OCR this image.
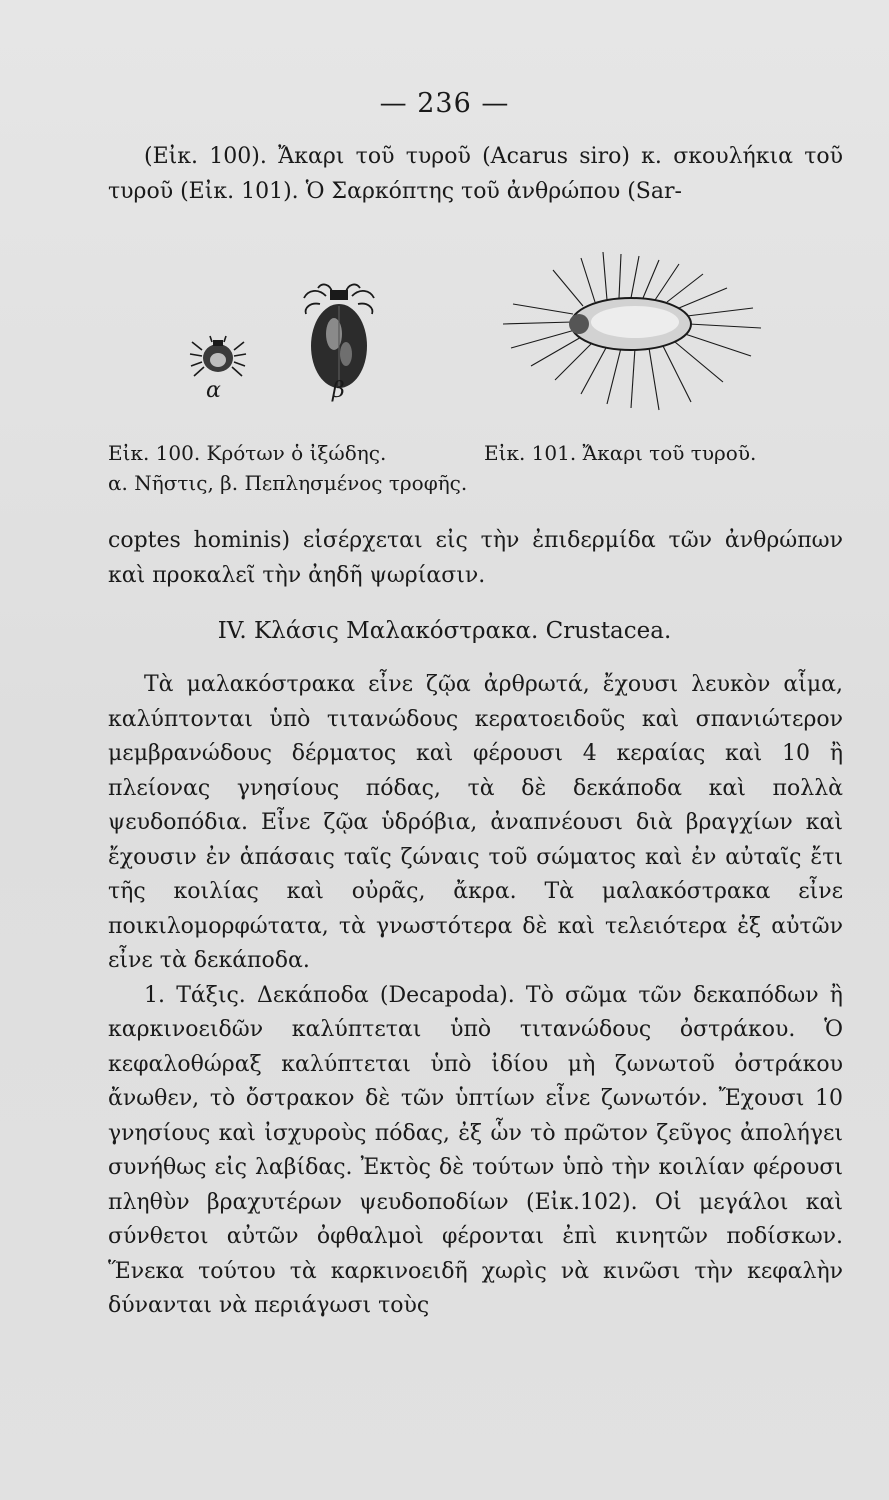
— 236 —

(Εἰκ. 100). Ἄκαρι τοῦ τυροῦ (Acarus siro) κ. σκουλήκια τοῦ τυροῦ (Εἰκ. 101). Ὁ Σαρκόπτης τοῦ ἀνθρώπου (Sar-

α	β
Εἰκ. 100. Κρότων ὁ ἰξώδης.	Εἰκ. 101. Ἄκαρι τοῦ τυροῦ.
α. Νῆστις, β. Πεπλησμένος τροφῆς.

coptes hominis) εἰσέρχεται εἰς τὴν ἐπιδερμίδα τῶν ἀνθρώπων καὶ προκαλεῖ τὴν ἀηδῆ ψωρίασιν.

IV. Κλάσις Μαλακόστρακα. Crustacea.

Τὰ μαλακόστρακα εἶνε ζῷα ἀρθρωτά, ἔχουσι λευκὸν αἷμα, καλύπτονται ὑπὸ τιτανώδους κερατοειδοῦς καὶ σπανιώτερον μεμβρανώδους δέρματος καὶ φέρουσι 4 κεραίας καὶ 10 ἢ πλείονας γνησίους πόδας, τὰ δὲ δεκάποδα καὶ πολλὰ ψευδοπόδια. Εἶνε ζῷα ὑδρόβια, ἀναπνέουσι διὰ βραγχίων καὶ ἔχουσιν ἐν ἁπάσαις ταῖς ζώναις τοῦ σώματος καὶ ἐν αὐταῖς ἔτι τῆς κοιλίας καὶ οὐρᾶς, ἄκρα. Τὰ μαλακόστρακα εἶνε ποικιλομορφώτατα, τὰ γνωστότερα δὲ καὶ τελειότερα ἐξ αὐτῶν εἶνε τὰ δεκάποδα.

1. Τάξις. Δεκάποδα (Decapoda). Τὸ σῶμα τῶν δεκαπόδων ἢ καρκινοειδῶν καλύπτεται ὑπὸ τιτανώδους ὀστράκου. Ὁ κεφαλοθώραξ καλύπτεται ὑπὸ ἰδίου μὴ ζωνωτοῦ ὀστράκου ἄνωθεν, τὸ ὄστρακον δὲ τῶν ὑπτίων εἶνε ζωνωτόν. Ἔχουσι 10 γνησίους καὶ ἰσχυροὺς πόδας, ἐξ ὧν τὸ πρῶτον ζεῦγος ἀπολήγει συνήθως εἰς λαβίδας. Ἐκτὸς δὲ τούτων ὑπὸ τὴν κοιλίαν φέρουσι πληθὺν βραχυτέρων ψευδοποδίων (Εἰκ.102). Οἱ μεγάλοι καὶ σύνθετοι αὐτῶν ὀφθαλμοὶ φέρονται ἐπὶ κινητῶν ποδίσκων. Ἕνεκα τούτου τὰ καρκινοειδῆ χωρὶς νὰ κινῶσι τὴν κεφαλὴν δύνανται νὰ περιάγωσι τοὺς
